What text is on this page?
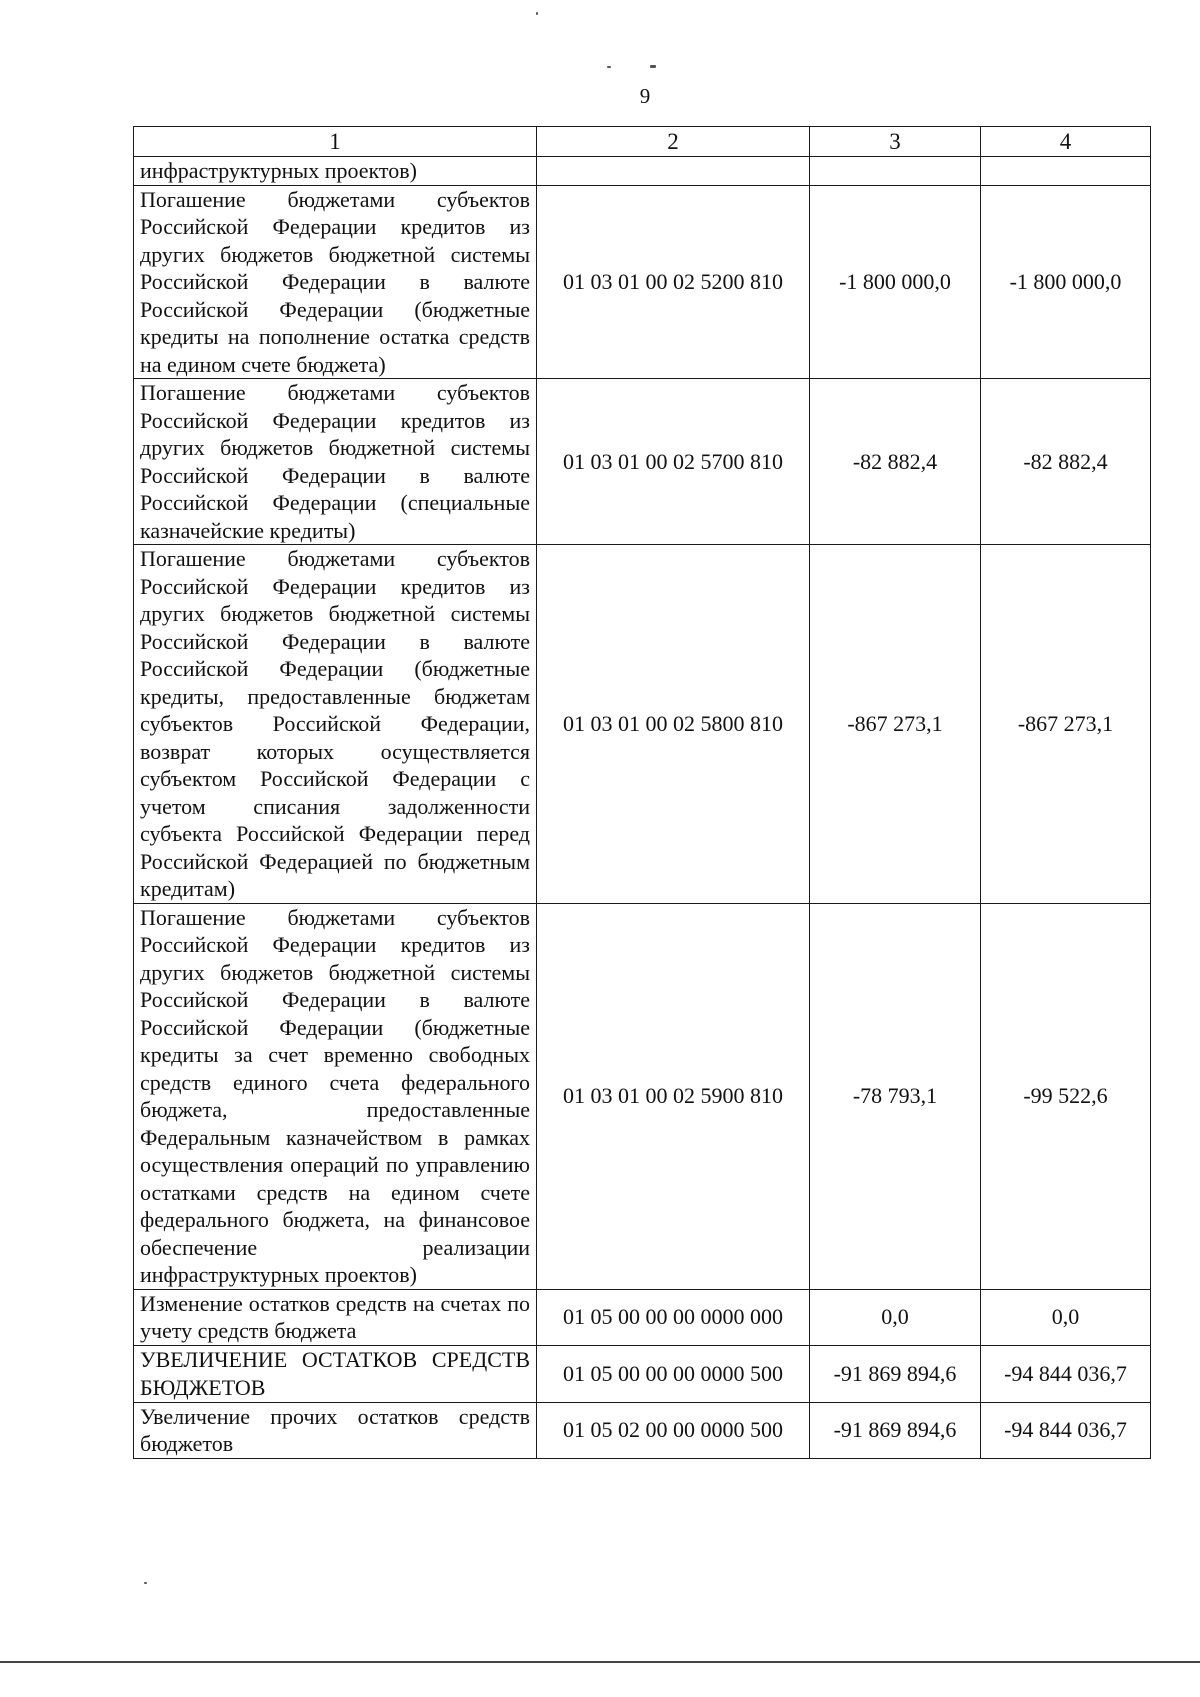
9
1	2	3	4
инфраструктурных проектов)			
Погашение бюджетами субъектов Российской Федерации кредитов из других бюджетов бюджетной системы Российской Федерации в валюте Российской Федерации (бюджетные кредиты на пополнение остатка средств на едином счете бюджета)	01 03 01 00 02 5200 810	-1 800 000,0	-1 800 000,0
Погашение бюджетами субъектов Российской Федерации кредитов из других бюджетов бюджетной системы Российской Федерации в валюте Российской Федерации (специальные казначейские кредиты)	01 03 01 00 02 5700 810	-82 882,4	-82 882,4
Погашение бюджетами субъектов Российской Федерации кредитов из других бюджетов бюджетной системы Российской Федерации в валюте Российской Федерации (бюджетные кредиты, предоставленные бюджетам субъектов Российской Федерации, возврат которых осуществляется субъектом Российской Федерации с учетом списания задолженности субъекта Российской Федерации перед Российской Федерацией по бюджетным кредитам)	01 03 01 00 02 5800 810	-867 273,1	-867 273,1
Погашение бюджетами субъектов Российской Федерации кредитов из других бюджетов бюджетной системы Российской Федерации в валюте Российской Федерации (бюджетные кредиты за счет временно свободных средств единого счета федерального бюджета, предоставленные Федеральным казначейством в рамках осуществления операций по управлению остатками средств на едином счете федерального бюджета, на финансовое обеспечение реализации инфраструктурных проектов)	01 03 01 00 02 5900 810	-78 793,1	-99 522,6
Изменение остатков средств на счетах по учету средств бюджета	01 05 00 00 00 0000 000	0,0	0,0
УВЕЛИЧЕНИЕ ОСТАТКОВ СРЕДСТВ БЮДЖЕТОВ	01 05 00 00 00 0000 500	-91 869 894,6	-94 844 036,7
Увеличение прочих остатков средств бюджетов	01 05 02 00 00 0000 500	-91 869 894,6	-94 844 036,7
